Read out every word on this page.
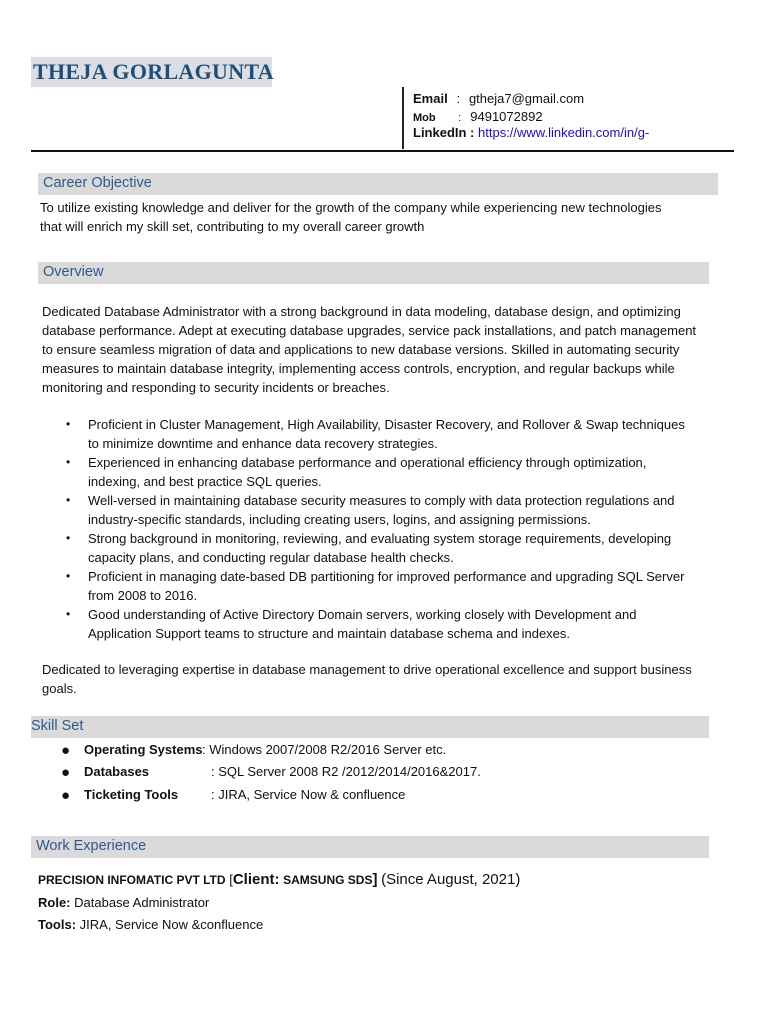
THEJA GORLAGUNTA
Email : gtheja7@gmail.com
Mob : 9491072892
LinkedIn : https://www.linkedin.com/in/g-
Career Objective
To utilize existing knowledge and deliver for the growth of the company while experiencing new technologies
that will enrich my skill set, contributing to my overall career growth
Overview
Dedicated Database Administrator with a strong background in data modeling, database design, and optimizing
database performance. Adept at executing database upgrades, service pack installations, and patch management
to ensure seamless migration of data and applications to new database versions. Skilled in automating security
measures to maintain database integrity, implementing access controls, encryption, and regular backups while
monitoring and responding to security incidents or breaches.
• Proficient in Cluster Management, High Availability, Disaster Recovery, and Rollover & Swap techniques
to minimize downtime and enhance data recovery strategies.
• Experienced in enhancing database performance and operational efficiency through optimization,
indexing, and best practice SQL queries.
• Well-versed in maintaining database security measures to comply with data protection regulations and
industry-specific standards, including creating users, logins, and assigning permissions.
• Strong background in monitoring, reviewing, and evaluating system storage requirements, developing
capacity plans, and conducting regular database health checks.
• Proficient in managing date-based DB partitioning for improved performance and upgrading SQL Server
from 2008 to 2016.
• Good understanding of Active Directory Domain servers, working closely with Development and
Application Support teams to structure and maintain database schema and indexes.
Dedicated to leveraging expertise in database management to drive operational excellence and support business
goals.
Skill Set
● Operating Systems : Windows 2007/2008 R2/2016 Server etc.
● Databases	: SQL Server 2008 R2 /2012/2014/2016&2017.
● Ticketing Tools	: JIRA, Service Now & confluence
Work Experience
PRECISION INFOMATIC PVT LTD [Client: SAMSUNG SDS] (Since August, 2021)
Role: Database Administrator
Tools: JIRA, Service Now &confluence
